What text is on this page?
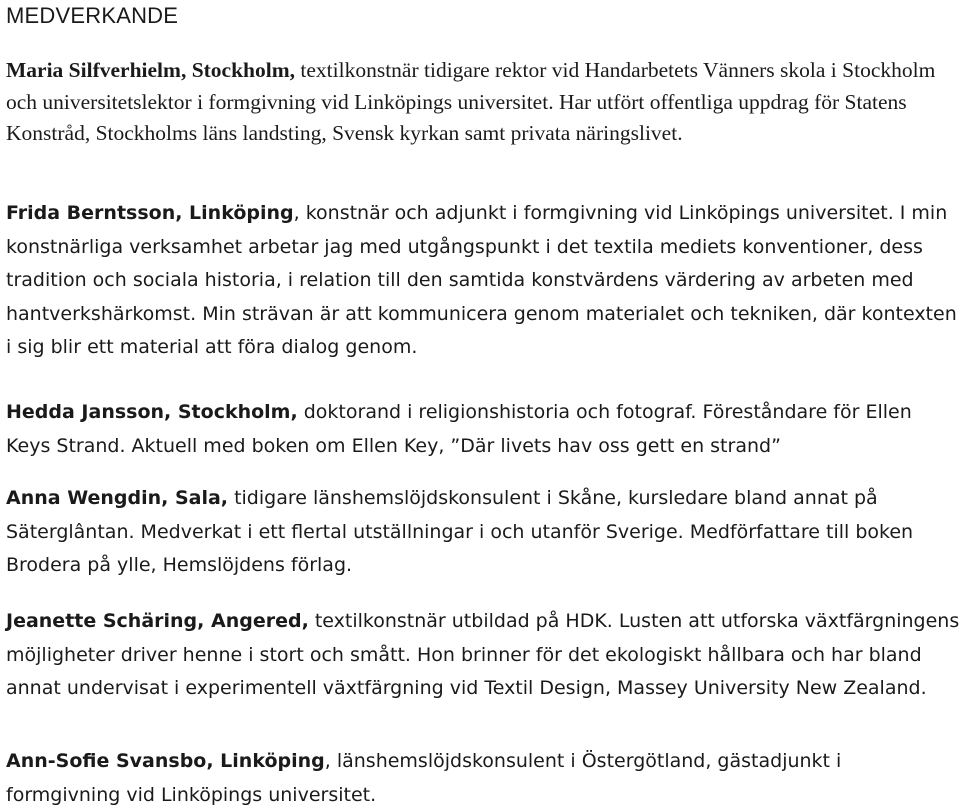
MEDVERKANDE

Maria Silfverhielm, Stockholm, textilkonstnär tidigare rektor vid Handarbetets Vänners skola i Stockholm och universitetslektor i formgivning vid Linköpings universitet. Har utfört offentliga uppdrag för Statens Konstråd, Stockholms läns landsting, Svensk kyrkan samt privata näringslivet.

Frida Berntsson, Linköping, konstnär och adjunkt i formgivning vid Linköpings universitet. I min konstnärliga verksamhet arbetar jag med utgångspunkt i det textila mediets konventioner, dess tradition och sociala historia, i relation till den samtida konstvärdens värdering av arbeten med hantverkshärkomst. Min strävan är att kommunicera genom materialet och tekniken, där kontexten i sig blir ett material att föra dialog genom.

Hedda Jansson, Stockholm, doktorand i religionshistoria och fotograf. Föreståndare för Ellen Keys Strand. Aktuell med boken om Ellen Key, ”Där livets hav oss gett en strand”

Anna Wengdin, Sala, tidigare länshemslöjdskonsulent i Skåne, kursledare bland annat på Säterglântan. Medverkat i ett flertal utställningar i och utanför Sverige. Medförfattare till boken Brodera på ylle, Hemslöjdens förlag.

Jeanette Schäring, Angered, textilkonstnär utbildad på HDK. Lusten att utforska växtfärgningens möjligheter driver henne i stort och smått. Hon brinner för det ekologiskt hållbara och har bland annat undervisat i experimentell växtfärgning vid Textil Design, Massey University New Zealand.

Ann-Sofie Svansbo, Linköping, länshemslöjdskonsulent i Östergötland, gästadjunkt i formgivning vid Linköpings universitet.
